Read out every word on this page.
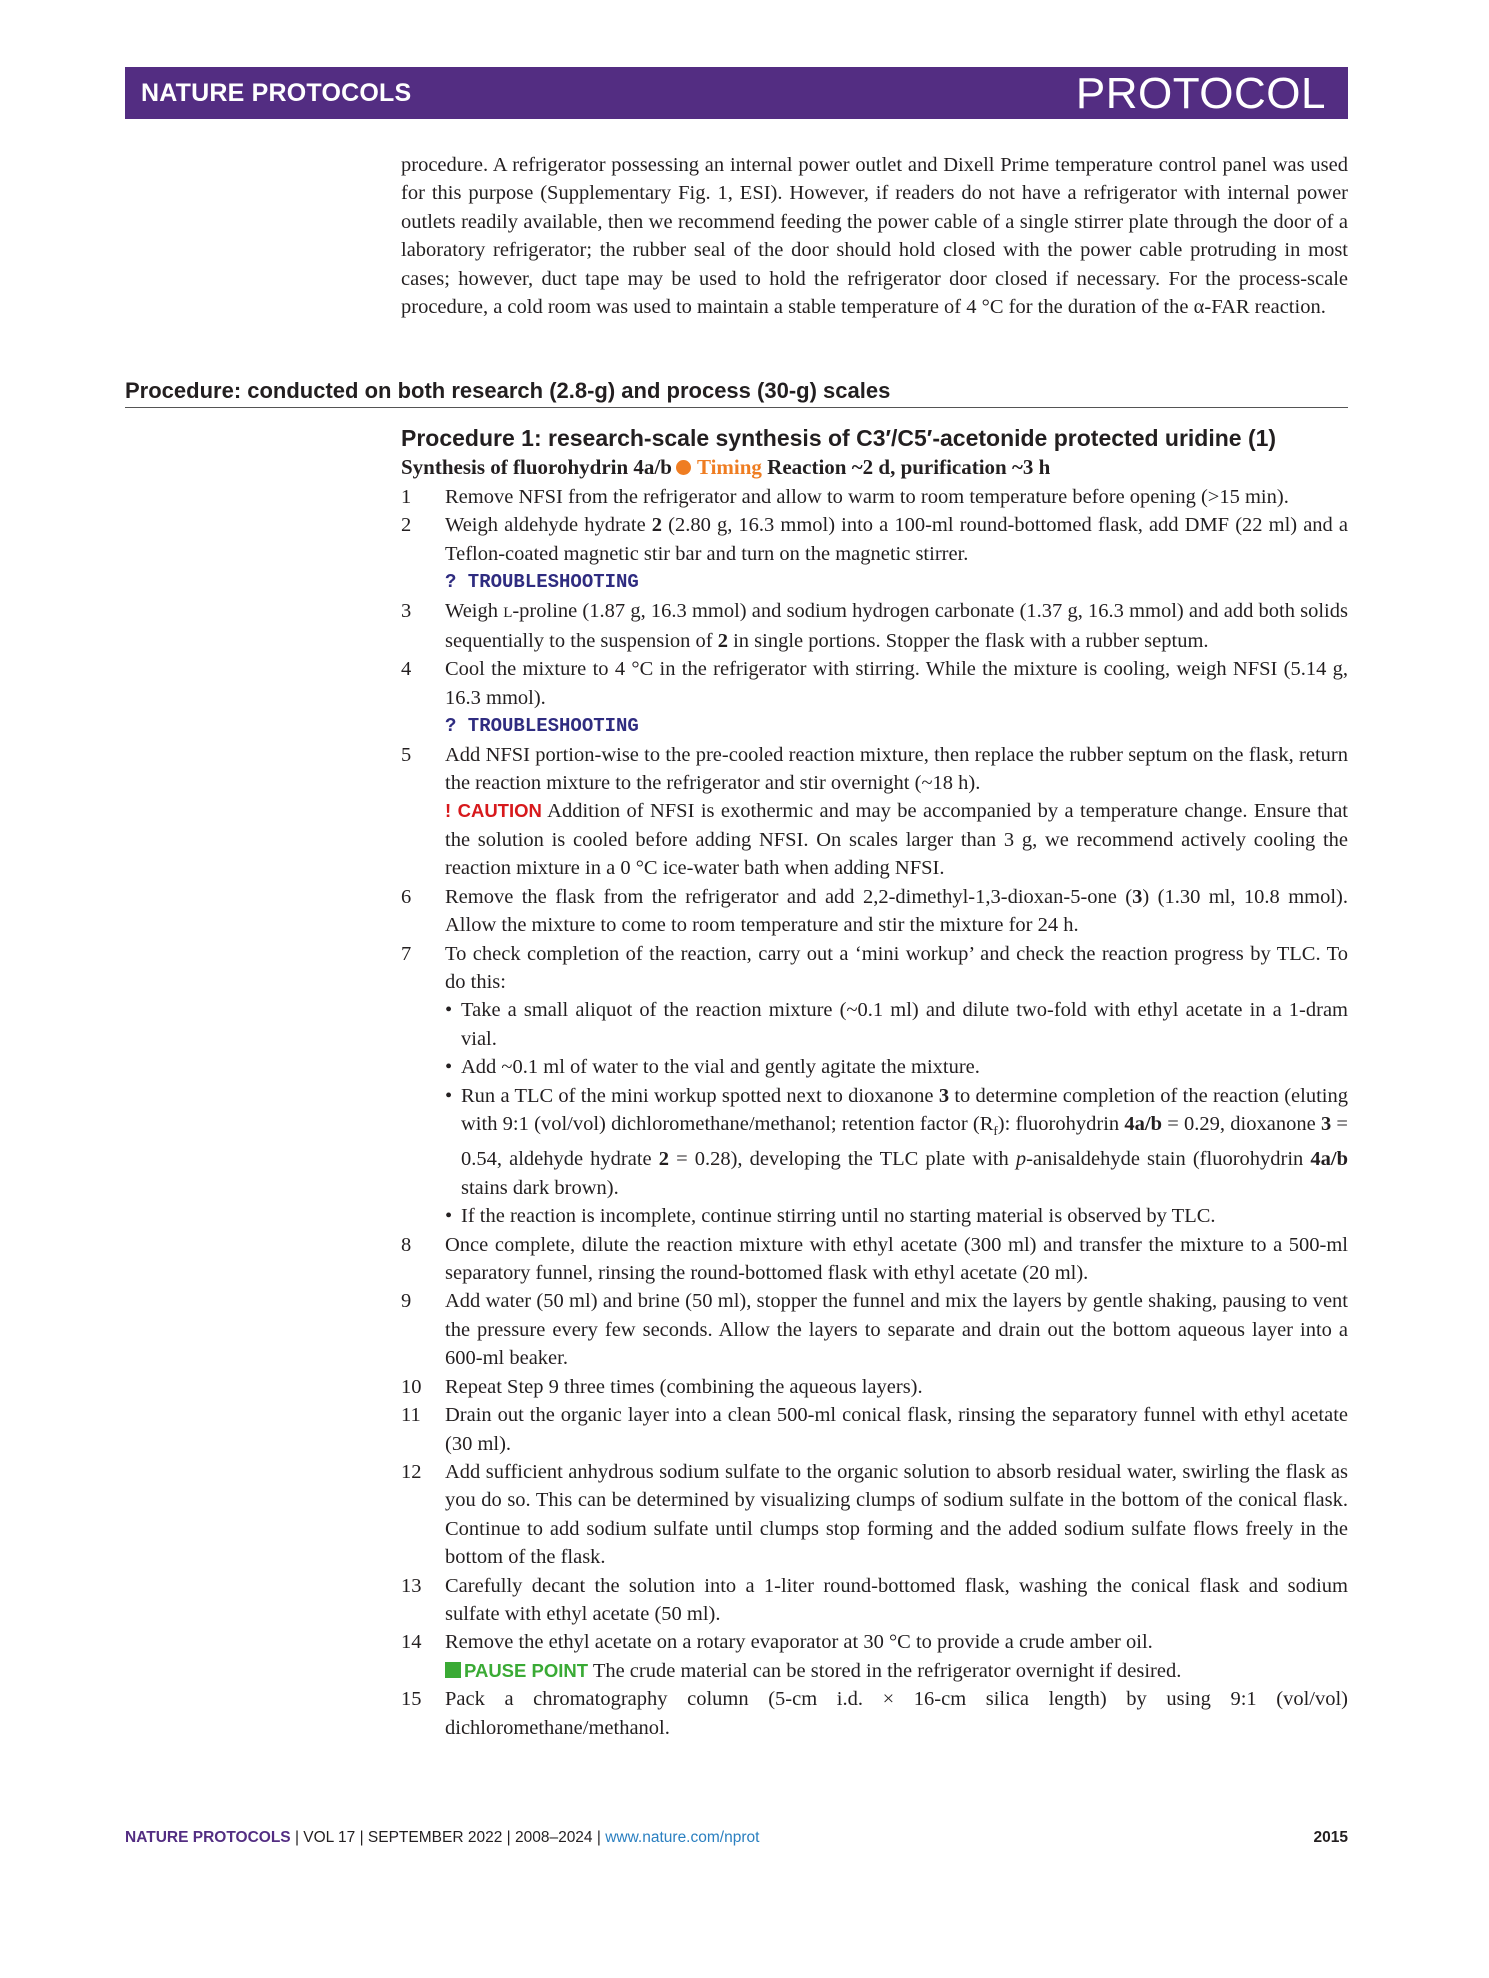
NATURE PROTOCOLS	PROTOCOL
procedure. A refrigerator possessing an internal power outlet and Dixell Prime temperature control panel was used for this purpose (Supplementary Fig. 1, ESI). However, if readers do not have a refrigerator with internal power outlets readily available, then we recommend feeding the power cable of a single stirrer plate through the door of a laboratory refrigerator; the rubber seal of the door should hold closed with the power cable protruding in most cases; however, duct tape may be used to hold the refrigerator door closed if necessary. For the process-scale procedure, a cold room was used to maintain a stable temperature of 4 °C for the duration of the α-FAR reaction.
Procedure: conducted on both research (2.8-g) and process (30-g) scales
Procedure 1: research-scale synthesis of C3′/C5′-acetonide protected uridine (1)
Synthesis of fluorohydrin 4a/b Timing Reaction ~2 d, purification ~3 h
1	Remove NFSI from the refrigerator and allow to warm to room temperature before opening (>15 min).
2	Weigh aldehyde hydrate 2 (2.80 g, 16.3 mmol) into a 100-ml round-bottomed flask, add DMF (22 ml) and a Teflon-coated magnetic stir bar and turn on the magnetic stirrer.
? TROUBLESHOOTING
3	Weigh L-proline (1.87 g, 16.3 mmol) and sodium hydrogen carbonate (1.37 g, 16.3 mmol) and add both solids sequentially to the suspension of 2 in single portions. Stopper the flask with a rubber septum.
4	Cool the mixture to 4 °C in the refrigerator with stirring. While the mixture is cooling, weigh NFSI (5.14 g, 16.3 mmol).
? TROUBLESHOOTING
5	Add NFSI portion-wise to the pre-cooled reaction mixture, then replace the rubber septum on the flask, return the reaction mixture to the refrigerator and stir overnight (~18 h).
! CAUTION Addition of NFSI is exothermic and may be accompanied by a temperature change. Ensure that the solution is cooled before adding NFSI. On scales larger than 3 g, we recommend actively cooling the reaction mixture in a 0 °C ice-water bath when adding NFSI.
6	Remove the flask from the refrigerator and add 2,2-dimethyl-1,3-dioxan-5-one (3) (1.30 ml, 10.8 mmol). Allow the mixture to come to room temperature and stir the mixture for 24 h.
7	To check completion of the reaction, carry out a ‘mini workup’ and check the reaction progress by TLC. To do this:
• Take a small aliquot of the reaction mixture (~0.1 ml) and dilute two-fold with ethyl acetate in a 1-dram vial.
• Add ~0.1 ml of water to the vial and gently agitate the mixture.
• Run a TLC of the mini workup spotted next to dioxanone 3 to determine completion of the reaction (eluting with 9:1 (vol/vol) dichloromethane/methanol; retention factor $(R_f)$: fluorohydrin 4a/b = 0.29, dioxanone 3 = 0.54, aldehyde hydrate 2 = 0.28), developing the TLC plate with p-anisaldehyde stain (fluorohydrin 4a/b stains dark brown).
• If the reaction is incomplete, continue stirring until no starting material is observed by TLC.
8	Once complete, dilute the reaction mixture with ethyl acetate (300 ml) and transfer the mixture to a 500-ml separatory funnel, rinsing the round-bottomed flask with ethyl acetate (20 ml).
9	Add water (50 ml) and brine (50 ml), stopper the funnel and mix the layers by gentle shaking, pausing to vent the pressure every few seconds. Allow the layers to separate and drain out the bottom aqueous layer into a 600-ml beaker.
10	Repeat Step 9 three times (combining the aqueous layers).
11	Drain out the organic layer into a clean 500-ml conical flask, rinsing the separatory funnel with ethyl acetate (30 ml).
12	Add sufficient anhydrous sodium sulfate to the organic solution to absorb residual water, swirling the flask as you do so. This can be determined by visualizing clumps of sodium sulfate in the bottom of the conical flask. Continue to add sodium sulfate until clumps stop forming and the added sodium sulfate flows freely in the bottom of the flask.
13	Carefully decant the solution into a 1-liter round-bottomed flask, washing the conical flask and sodium sulfate with ethyl acetate (50 ml).
14	Remove the ethyl acetate on a rotary evaporator at 30 °C to provide a crude amber oil.
PAUSE POINT The crude material can be stored in the refrigerator overnight if desired.
15	Pack a chromatography column (5-cm i.d. × 16-cm silica length) by using 9:1 (vol/vol) dichloromethane/methanol.
NATURE PROTOCOLS | VOL 17 | SEPTEMBER 2022 | 2008–2024 | www.nature.com/nprot	2015
